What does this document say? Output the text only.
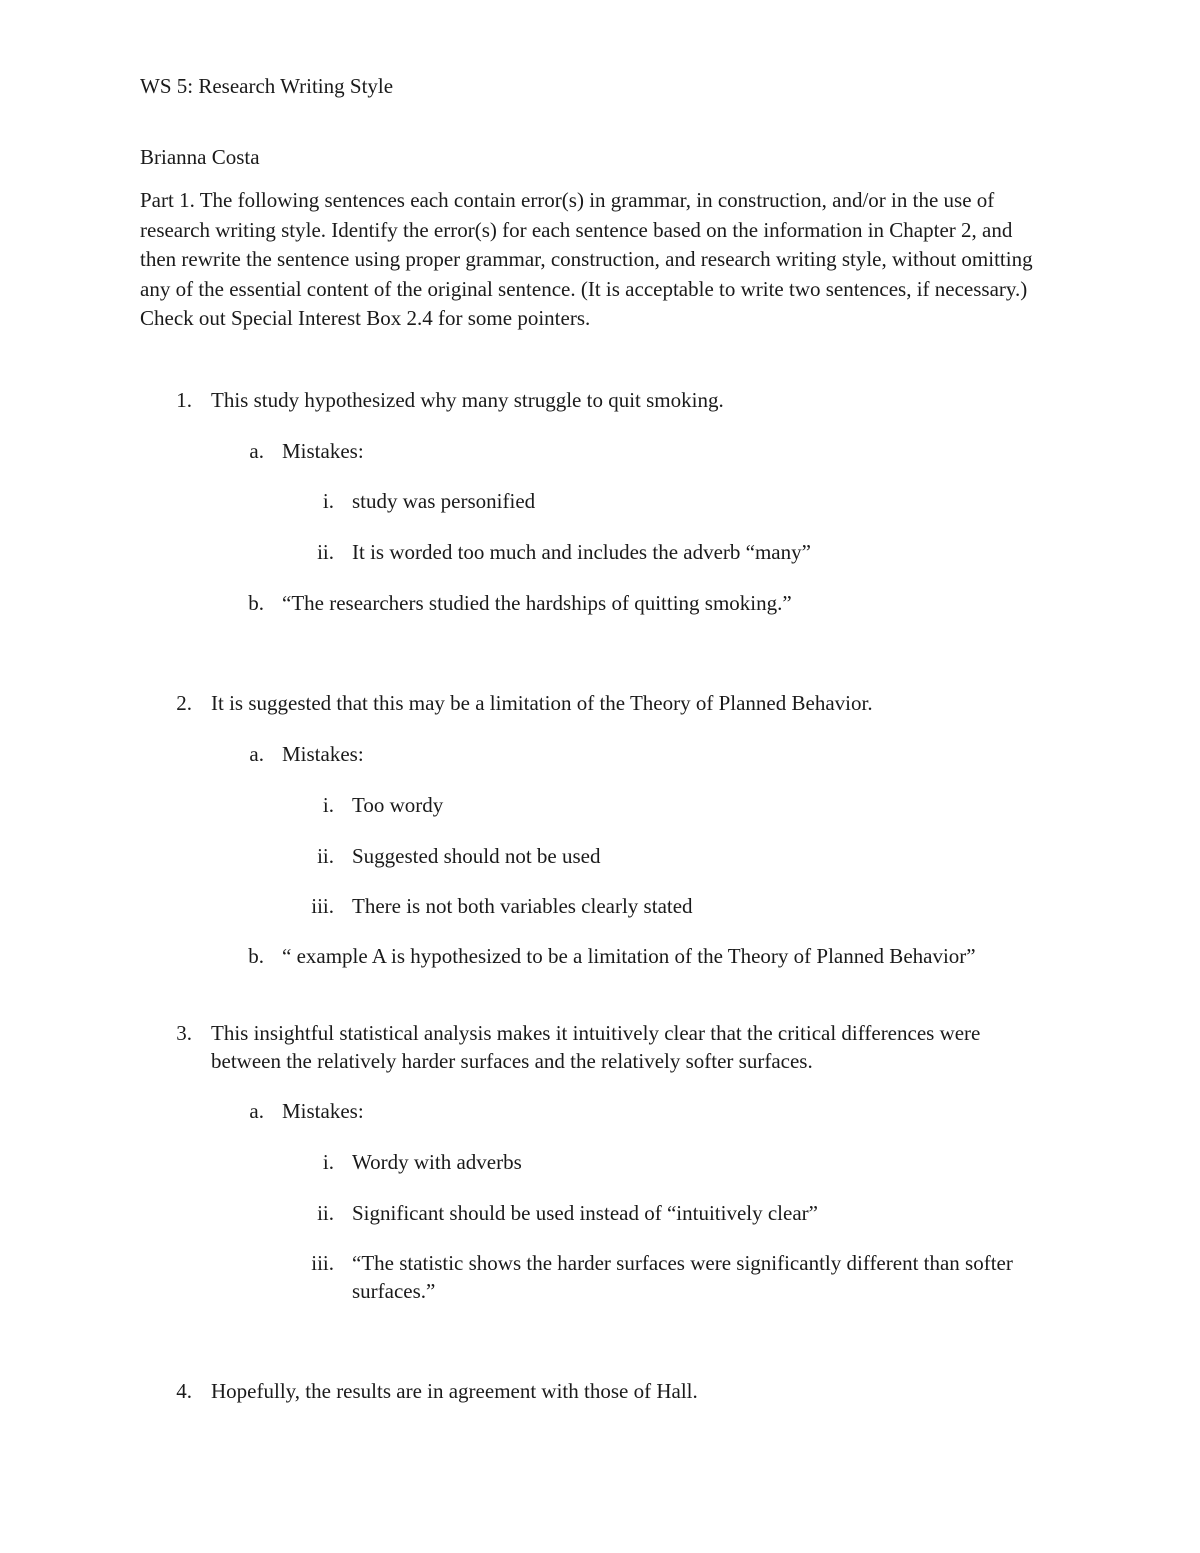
WS 5: Research Writing Style
Brianna Costa
Part 1. The following sentences each contain error(s) in grammar, in construction, and/or in the use of research writing style. Identify the error(s) for each sentence based on the information in Chapter 2, and then rewrite the sentence using proper grammar, construction, and research writing style, without omitting any of the essential content of the original sentence. (It is acceptable to write two sentences, if necessary.) Check out Special Interest Box 2.4 for some pointers.
1. This study hypothesized why many struggle to quit smoking.
a. Mistakes:
i. study was personified
ii. It is worded too much and includes the adverb “many”
b. “The researchers studied the hardships of quitting smoking.”
2. It is suggested that this may be a limitation of the Theory of Planned Behavior.
a. Mistakes:
i. Too wordy
ii. Suggested should not be used
iii. There is not both variables clearly stated
b. “ example A is hypothesized to be a limitation of the Theory of Planned Behavior”
3. This insightful statistical analysis makes it intuitively clear that the critical differences were between the relatively harder surfaces and the relatively softer surfaces.
a. Mistakes:
i. Wordy with adverbs
ii. Significant should be used instead of “intuitively clear”
iii. “The statistic shows the harder surfaces were significantly different than softer surfaces.”
4. Hopefully, the results are in agreement with those of Hall.
